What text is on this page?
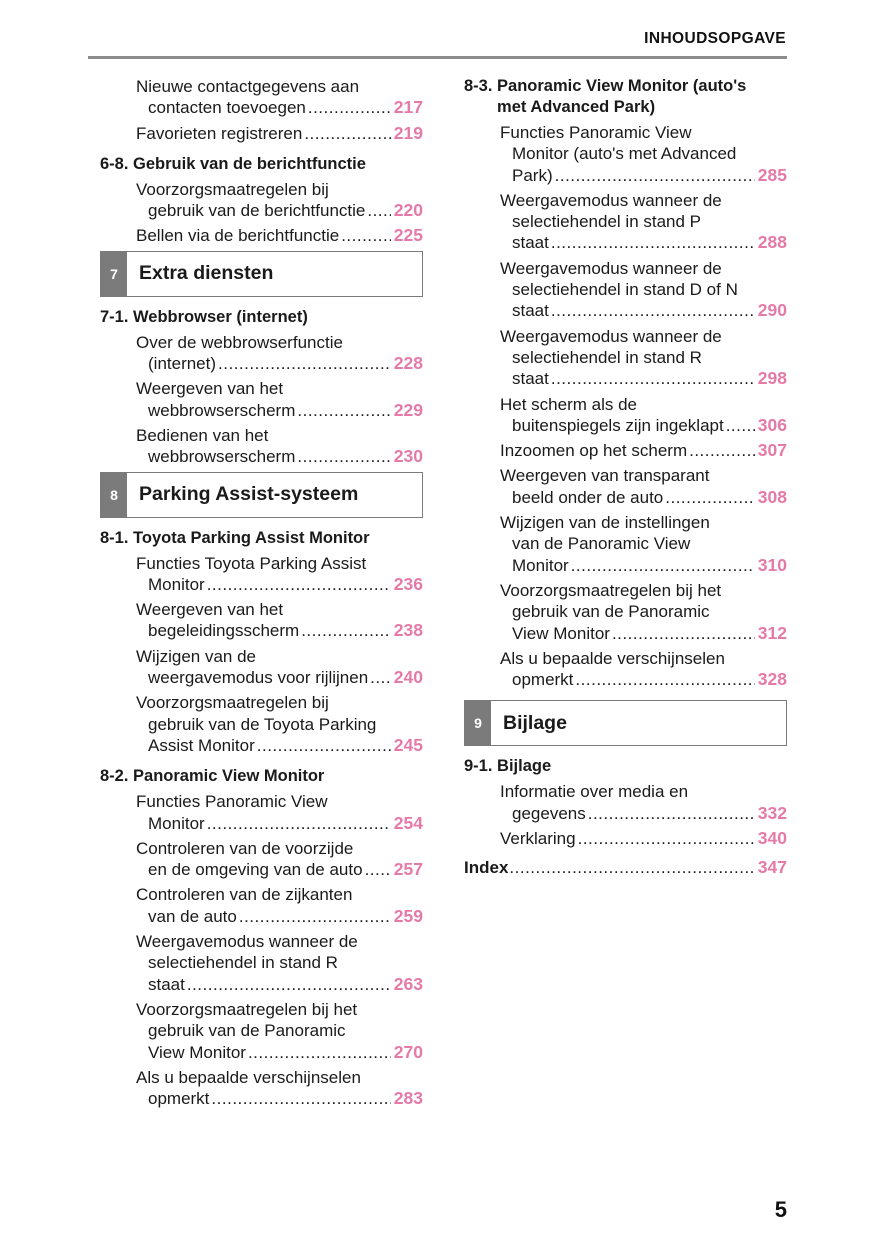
INHOUDSOPGAVE
Nieuwe contactgegevens aan
contacten toevoegen .....	217
Favorieten registreren .....	219
6-8. Gebruik van de berichtfunctie
Voorzorgsmaatregelen bij
gebruik van de berichtfunctie ..... 220
Bellen via de berichtfunctie .....	225
7	Extra diensten
7-1. Webbrowser (internet)
Over de webbrowserfunctie
(internet) .....	228
Weergeven van het
webbrowserscherm .....	229
Bedienen van het
webbrowserscherm .....	230
8	Parking Assist-systeem
8-1. Toyota Parking Assist Monitor
Functies Toyota Parking Assist
Monitor .....	236
Weergeven van het
begeleidingsscherm .....	238
Wijzigen van de
weergavemodus voor rijlijnen ..... 240
Voorzorgsmaatregelen bij
gebruik van de Toyota Parking
Assist Monitor .....	245
8-2. Panoramic View Monitor
Functies Panoramic View
Monitor .....	254
Controleren van de voorzijde
en de omgeving van de auto ..... 257
Controleren van de zijkanten
van de auto .....	259
Weergavemodus wanneer de
selectiehendel in stand R
staat .....	263
Voorzorgsmaatregelen bij het
gebruik van de Panoramic
View Monitor .....	270
Als u bepaalde verschijnselen
opmerkt .....	283
8-3. Panoramic View Monitor (auto's
met Advanced Park)
Functies Panoramic View
Monitor (auto's met Advanced
Park) .....	285
Weergavemodus wanneer de
selectiehendel in stand P
staat .....	288
Weergavemodus wanneer de
selectiehendel in stand D of N
staat .....	290
Weergavemodus wanneer de
selectiehendel in stand R
staat .....	298
Het scherm als de
buitenspiegels zijn ingeklapt ..... 306
Inzoomen op het scherm .....	307
Weergeven van transparant
beeld onder de auto .....	308
Wijzigen van de instellingen
van de Panoramic View
Monitor .....	310
Voorzorgsmaatregelen bij het
gebruik van de Panoramic
View Monitor .....	312
Als u bepaalde verschijnselen
opmerkt .....	328
9	Bijlage
9-1. Bijlage
Informatie over media en
gegevens .....	332
Verklaring .....	340
Index .....	347
5
